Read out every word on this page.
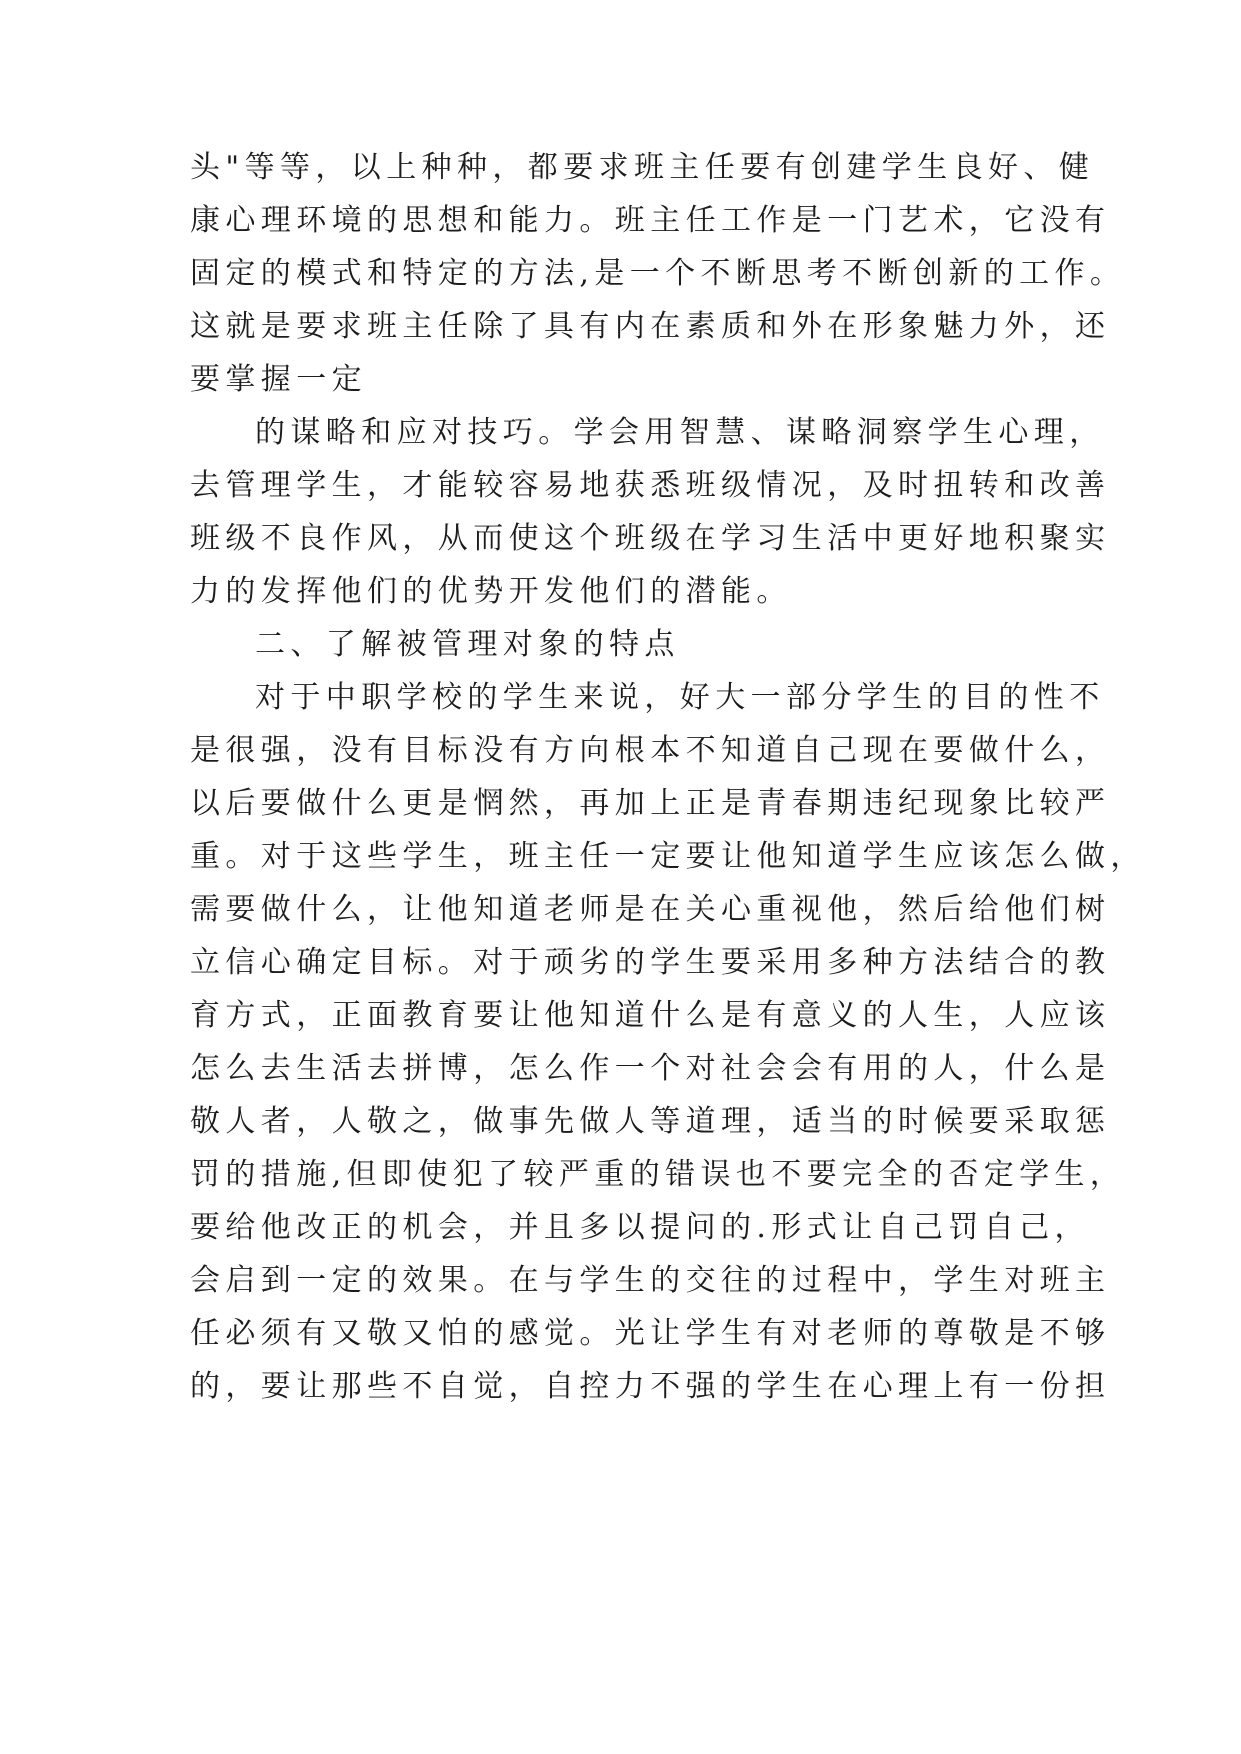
头"等等，以上种种，都要求班主任要有创建学生良好、健
康心理环境的思想和能力。班主任工作是一门艺术，它没有
固定的模式和特定的方法,是一个不断思考不断创新的工作。
这就是要求班主任除了具有内在素质和外在形象魅力外，还
要掌握一定
的谋略和应对技巧。学会用智慧、谋略洞察学生心理，
去管理学生，才能较容易地获悉班级情况，及时扭转和改善
班级不良作风，从而使这个班级在学习生活中更好地积聚实
力的发挥他们的优势开发他们的潜能。
二、了解被管理对象的特点
对于中职学校的学生来说，好大一部分学生的目的性不
是很强，没有目标没有方向根本不知道自己现在要做什么，
以后要做什么更是惘然，再加上正是青春期违纪现象比较严
重。对于这些学生，班主任一定要让他知道学生应该怎么做，
需要做什么，让他知道老师是在关心重视他，然后给他们树
立信心确定目标。对于顽劣的学生要采用多种方法结合的教
育方式，正面教育要让他知道什么是有意义的人生，人应该
怎么去生活去拼博，怎么作一个对社会会有用的人，什么是
敬人者，人敬之，做事先做人等道理，适当的时候要采取惩
罚的措施,但即使犯了较严重的错误也不要完全的否定学生，
要给他改正的机会，并且多以提问的.形式让自己罚自己，
会启到一定的效果。在与学生的交往的过程中，学生对班主
任必须有又敬又怕的感觉。光让学生有对老师的尊敬是不够
的，要让那些不自觉，自控力不强的学生在心理上有一份担
